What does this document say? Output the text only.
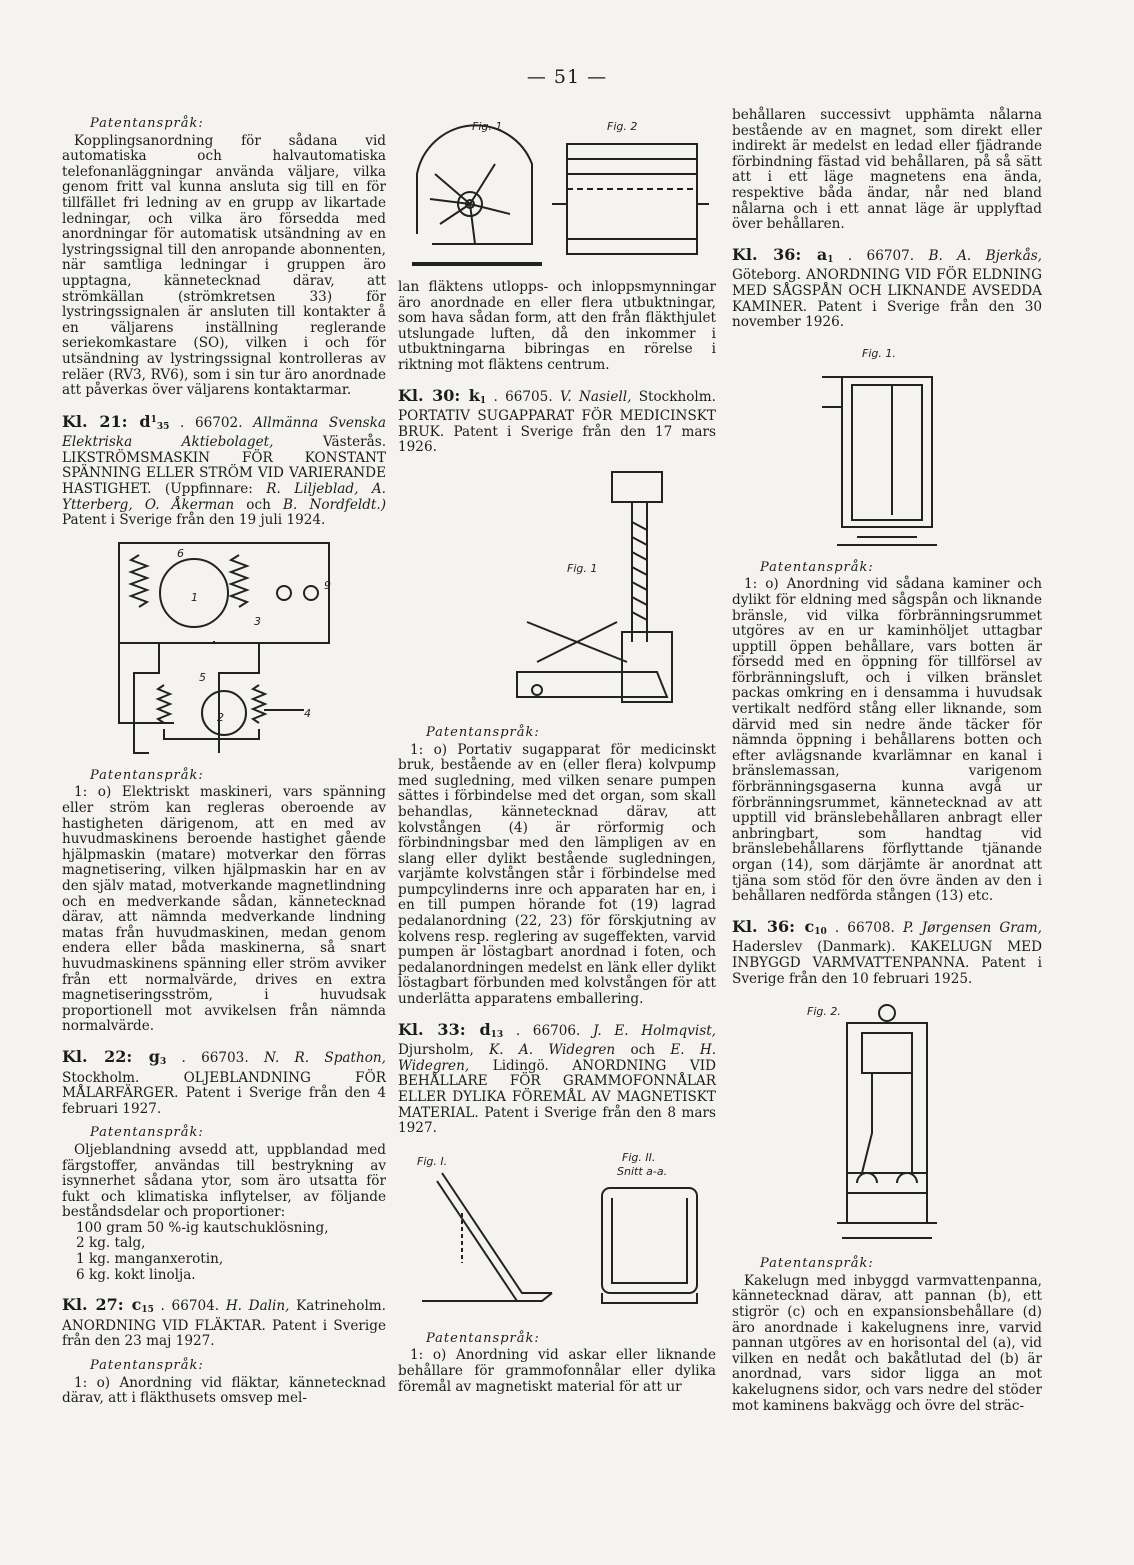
— 51 —
Patentanspråk:

Kopplingsanordning för sådana vid automatiska och halvautomatiska telefonanläggningar använda väljare, vilka genom fritt val kunna ansluta sig till en för tillfället fri ledning av en grupp av likartade ledningar, och vilka äro försedda med anordningar för automatisk utsändning av en lystringssignal till den anropande abonnenten, när samtliga ledningar i gruppen äro upptagna, kännetecknad därav, att strömkällan (strömkretsen 33) för lystringssignalen är ansluten till kontakter å en väljarens inställning reglerande seriekomkastare (SO), vilken i och för utsändning av lystringssignal kontrolleras av reläer (RV3, RV6), som i sin tur äro anordnade att påverkas över väljarens kontaktarmar.

Kl. 21: $d^1_{35}$ . 66702. Allmänna Svenska Elektriska Aktiebolaget,	Västerås. LIKSTRÖMSMASKIN FÖR KONSTANT SPÄNNING ELLER STRÖM VID VARIERANDE HASTIGHET. (Uppfinnare: R. Liljeblad, A. Ytterberg, O. Åkerman och B. Nordfeldt.) Patent i Sverige från den 19 juli 1924.

6
1
3
9
5
2	4
Patentanspråk:

1: o) Elektriskt maskineri, vars spänning eller ström kan regleras oberoende av hastigheten därigenom, att en med av huvudmaskinens beroende hastighet gående hjälpmaskin (matare) motverkar den förras magnetisering, vilken hjälpmaskin har en av den själv matad, motverkande magnetlindning och en medverkande sådan, kännetecknad därav, att nämnda medverkande lindning matas från huvudmaskinen, medan genom endera eller båda maskinerna, så snart huvudmaskinens spänning eller ström avviker från ett normalvärde, drives en extra magnetiseringsström, i huvudsak proportionell mot avvikelsen från nämnda normalvärde.

Kl. 22: $g_3$ . 66703. N. R. Spathon, Stockholm.	OLJEBLANDNING FÖR MÅLARFÄRGER. Patent i Sverige från den 4 februari 1927.

Patentanspråk:

Oljeblandning avsedd att, uppblandad med färgstoffer, användas till bestrykning av isynnerhet sådana ytor, som äro utsatta för fukt och klimatiska inflytelser, av följande beståndsdelar och proportioner:

100 gram 50 %-ig kautschuklösning,

2 kg. talg,

1 kg. manganxerotin,

6 kg. kokt linolja.

Kl. 27: $c_{15}$ . 66704. H. Dalin, Katrineholm. ANORDNING VID FLÄKTAR. Patent i Sverige från den 23 maj 1927.

Patentanspråk:

1: o) Anordning vid fläktar, kännetecknad därav, att i fläkthusets omsvep mel-

Fig. 1	Fig. 2

lan fläktens utlopps- och inloppsmynningar äro anordnade en eller flera utbuktningar, som hava sådan form, att den från fläkthjulet utslungade luften, då den inkommer i utbuktningarna bibringas en rörelse i riktning mot fläktens centrum.

Kl. 30: $k_1$ . 66705. V. Nasiell, Stockholm. PORTATIV SUGAPPARAT FÖR MEDICINSKT BRUK. Patent i Sverige från den 17 mars 1926.

Fig. 1
Patentanspråk:

1: o) Portativ sugapparat för medicinskt bruk, bestående av en (eller flera) kolvpump med sugledning, med vilken senare pumpen sättes i förbindelse med det organ, som skall behandlas, kännetecknad därav, att kolvstången (4) är rörformig och förbindningsbar med den lämpligen av en slang eller dylikt bestående sugledningen, varjämte kolvstången står i förbindelse med pumpcylinderns inre och apparaten har en, i en till pumpen hörande fot (19) lagrad pedalanordning (22, 23) för förskjutning av kolvens resp. reglering av sugeffekten, varvid pumpen är löstagbart anordnad i foten, och pedalanordningen medelst en länk eller dylikt löstagbart förbunden med kolvstången för att underlätta apparatens emballering.

Kl. 33: $d_{13}$ . 66706. J. E. Holmqvist, Djursholm, K. A. Widegren och E. H. Widegren, Lidingö. ANORDNING VID BEHÅLLARE FÖR GRAMMOFONNÅLAR ELLER DYLIKA FÖREMÅL AV MAGNETISKT MATERIAL. Patent i Sverige från den 8 mars 1927.

Fig. I.	Fig. II.
Snitt a-a.
Patentanspråk:

1: o) Anordning vid askar eller liknande behållare för grammofonnålar eller dylika föremål av magnetiskt material för att ur

behållaren successivt upphämta nålarna bestående av en magnet, som direkt eller indirekt är medelst en ledad eller fjädrande förbindning fästad vid behållaren, på så sätt att i ett läge magnetens ena ända, respektive båda ändar, når ned bland nålarna och i ett annat läge är upplyftad över behållaren.

Kl. 36: $a_1$ . 66707. B. A. Bjerkås, Göteborg. ANORDNING VID FÖR ELDNING MED SÅGSPÅN OCH LIKNANDE AVSEDDA KAMINER. Patent i Sverige från den 30 november 1926.

Fig. 1.
Patentanspråk:

1: o) Anordning vid sådana kaminer och dylikt för eldning med sågspån och liknande bränsle, vid vilka förbränningsrummet utgöres av en ur kaminhöljet uttagbar upptill öppen behållare, vars botten är försedd med en öppning för tillförsel av förbränningsluft, och i vilken bränslet packas omkring en i densamma i huvudsak vertikalt nedförd stång eller liknande, som därvid med sin nedre ände täcker för nämnda öppning i behållarens botten och efter avlägsnande kvarlämnar en kanal i bränslemassan, varigenom förbränningsgaserna kunna avgå ur förbränningsrummet, kännetecknad av att upptill vid bränslebehållaren anbragt eller anbringbart, som handtag vid bränslebehållarens förflyttande tjänande organ (14), som därjämte är anordnat att tjäna som stöd för den övre änden av den i behållaren nedförda stången (13) etc.

Kl. 36: $c_{10}$ . 66708. P. Jørgensen Gram, Haderslev (Danmark). KAKELUGN MED INBYGGD VARMVATTENPANNA. Patent i Sverige från den 10 februari 1925.

Fig. 2.
Patentanspråk:

Kakelugn med inbyggd varmvattenpanna, kännetecknad därav, att pannan (b), ett stigrör (c) och en expansionsbehållare (d) äro anordnade i kakelugnens inre, varvid pannan utgöres av en horisontal del (a), vid vilken en nedåt och bakåtlutad del (b) är anordnad, vars sidor ligga an mot kakelugnens sidor, och vars nedre del stöder mot kaminens bakvägg och övre del sträc-
